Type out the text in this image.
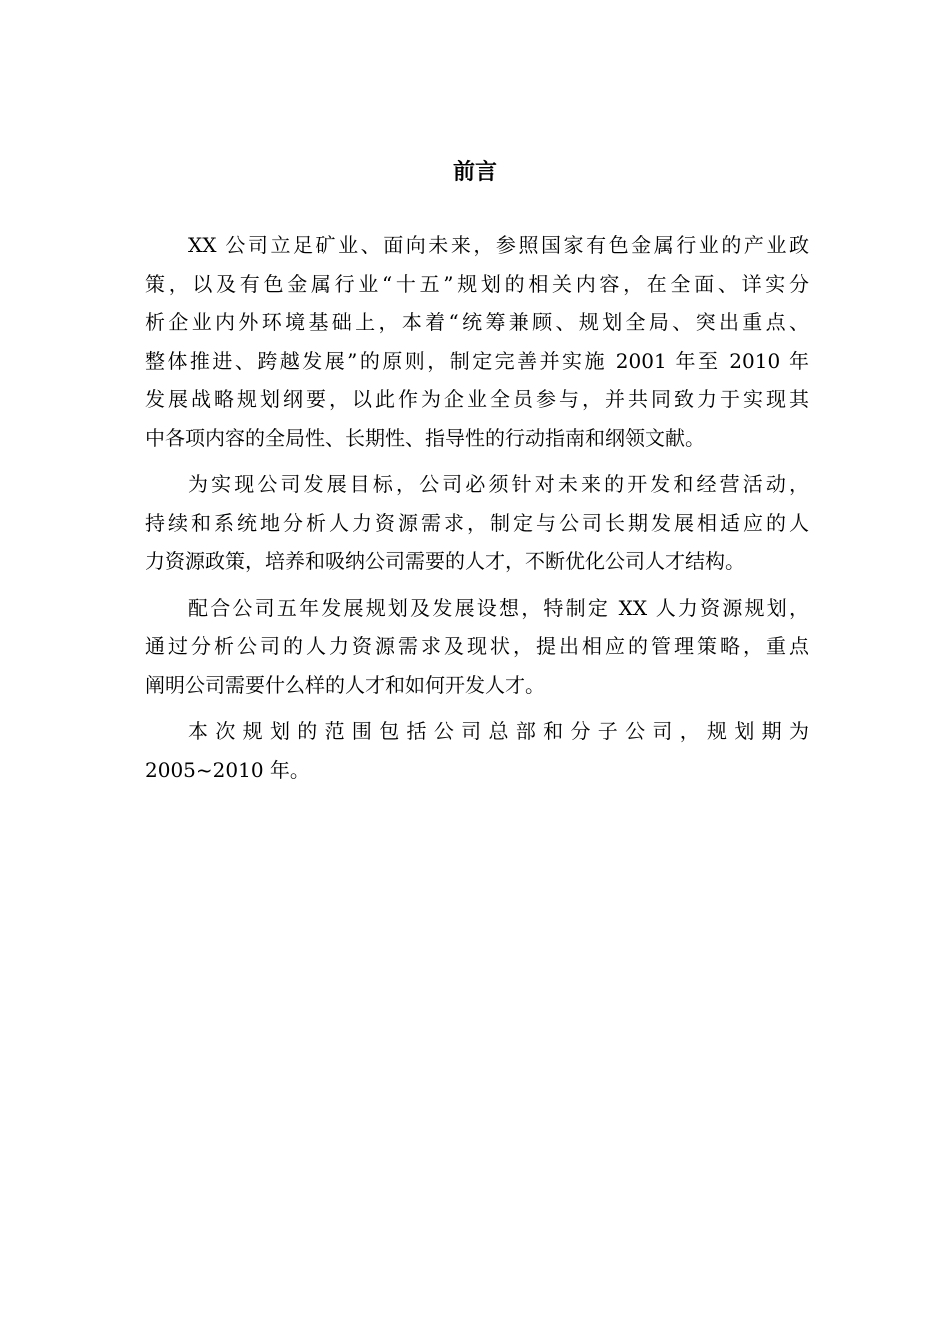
前言
XX 公司立足矿业、面向未来，参照国家有色金属行业的产业政
策，以及有色金属行业“十五”规划的相关内容，在全面、详实分
析企业内外环境基础上，本着“统筹兼顾、规划全局、突出重点、
整体推进、跨越发展”的原则，制定完善并实施 2001 年至 2010 年
发展战略规划纲要，以此作为企业全员参与，并共同致力于实现其
中各项内容的全局性、长期性、指导性的行动指南和纲领文献。
为实现公司发展目标，公司必须针对未来的开发和经营活动，
持续和系统地分析人力资源需求，制定与公司长期发展相适应的人
力资源政策，培养和吸纳公司需要的人才，不断优化公司人才结构。
配合公司五年发展规划及发展设想，特制定 XX 人力资源规划，
通过分析公司的人力资源需求及现状，提出相应的管理策略，重点
阐明公司需要什么样的人才和如何开发人才。
本次规划的范围包括公司总部和分子公司，规划期为
2005~2010 年。
